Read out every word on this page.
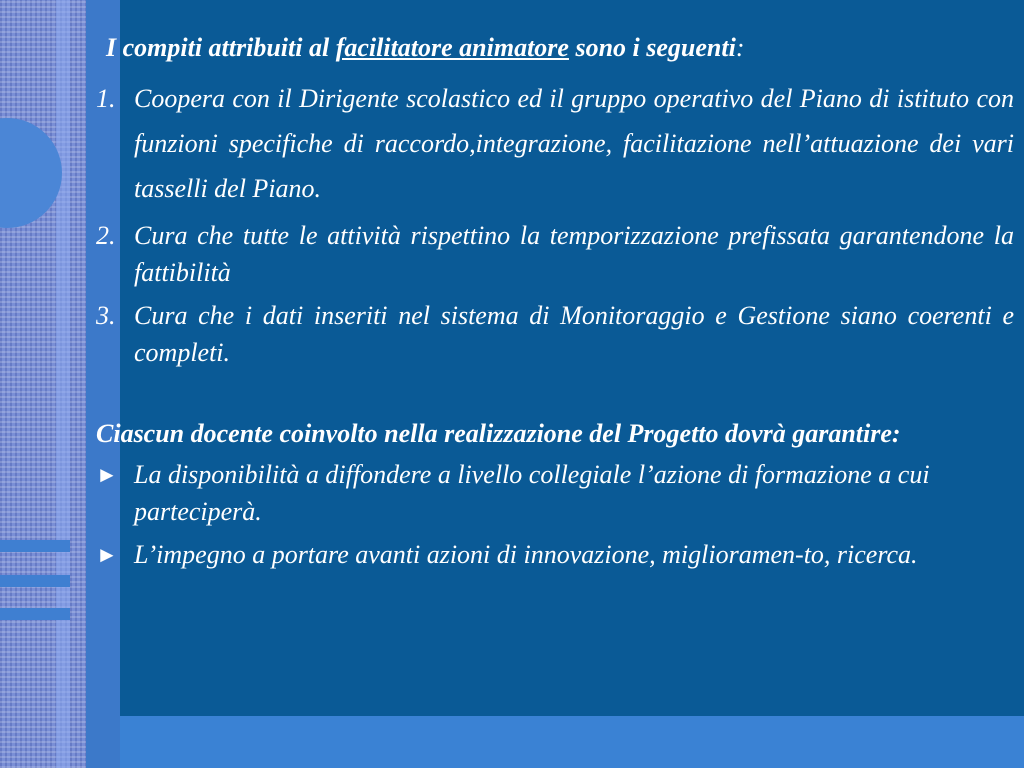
I compiti attribuiti al facilitatore animatore sono i seguenti:

1. Coopera con il Dirigente scolastico ed il gruppo operativo del Piano di istituto con funzioni specifiche di raccordo,integrazione, facilitazione nell’attuazione dei vari tasselli del Piano.
2. Cura che tutte le attività rispettino la temporizzazione prefissata garantendone la fattibilità
3. Cura che i dati inseriti nel sistema di Monitoraggio e Gestione siano coerenti e completi.

Ciascun docente coinvolto nella realizzazione del Progetto dovrà garantire:

► La disponibilità a diffondere a livello collegiale l’azione di formazione a cui parteciperà.
► L’impegno a portare avanti azioni di innovazione, miglioramen-to, ricerca.
